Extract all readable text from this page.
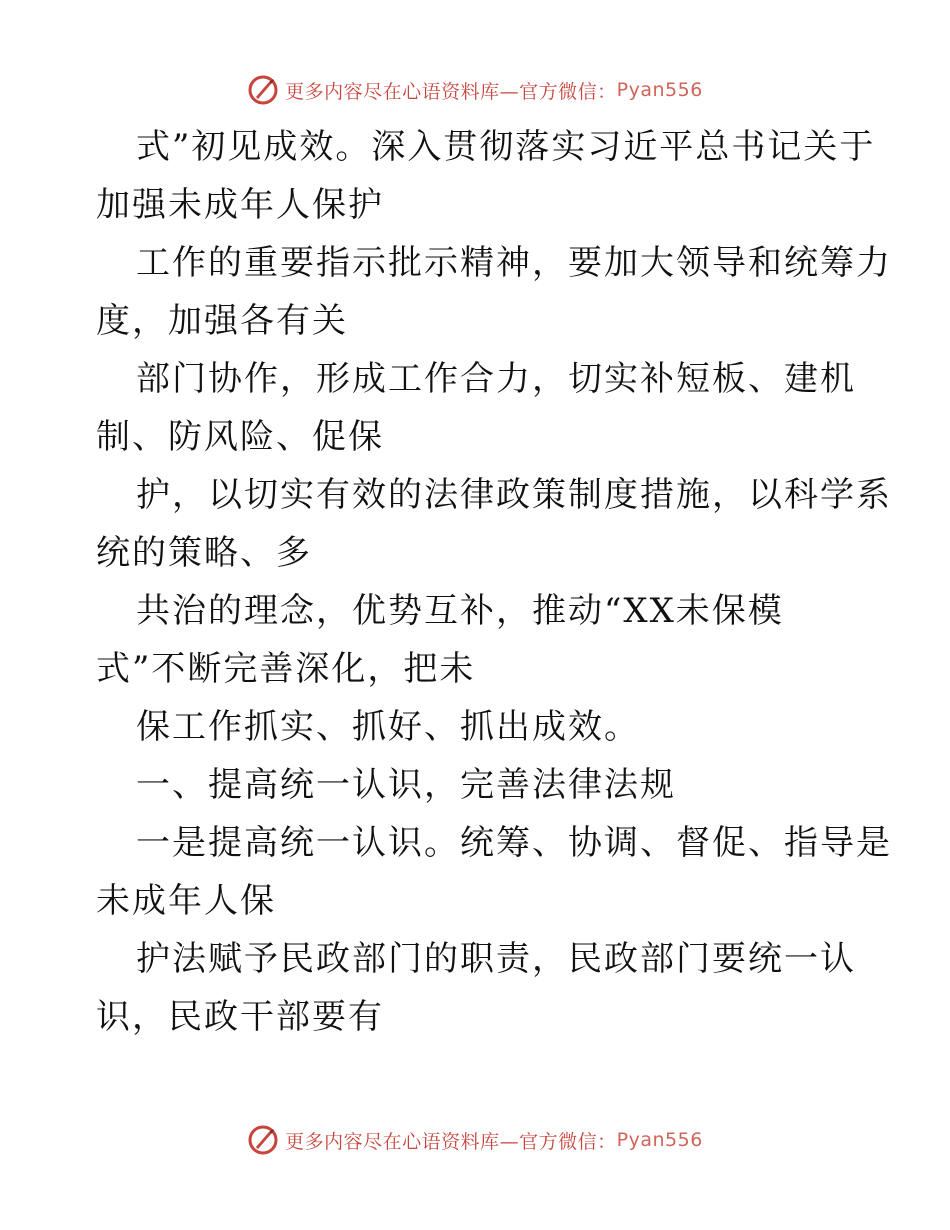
更多内容尽在心语资料库—官方微信： Pyan556
式”初见成效。深入贯彻落实习近平总书记关于
加强未成年人保护
工作的重要指示批示精神，要加大领导和统筹力
度，加强各有关
部门协作，形成工作合力，切实补短板、建机
制、防风险、促保
护，以切实有效的法律政策制度措施，以科学系
统的策略、多
共治的理念，优势互补，推动“XX未保模
式”不断完善深化，把未
保工作抓实、抓好、抓出成效。
一、提高统一认识，完善法律法规
一是提高统一认识。统筹、协调、督促、指导是
未成年人保
护法赋予民政部门的职责，民政部门要统一认
识，民政干部要有
更多内容尽在心语资料库—官方微信： Pyan556
